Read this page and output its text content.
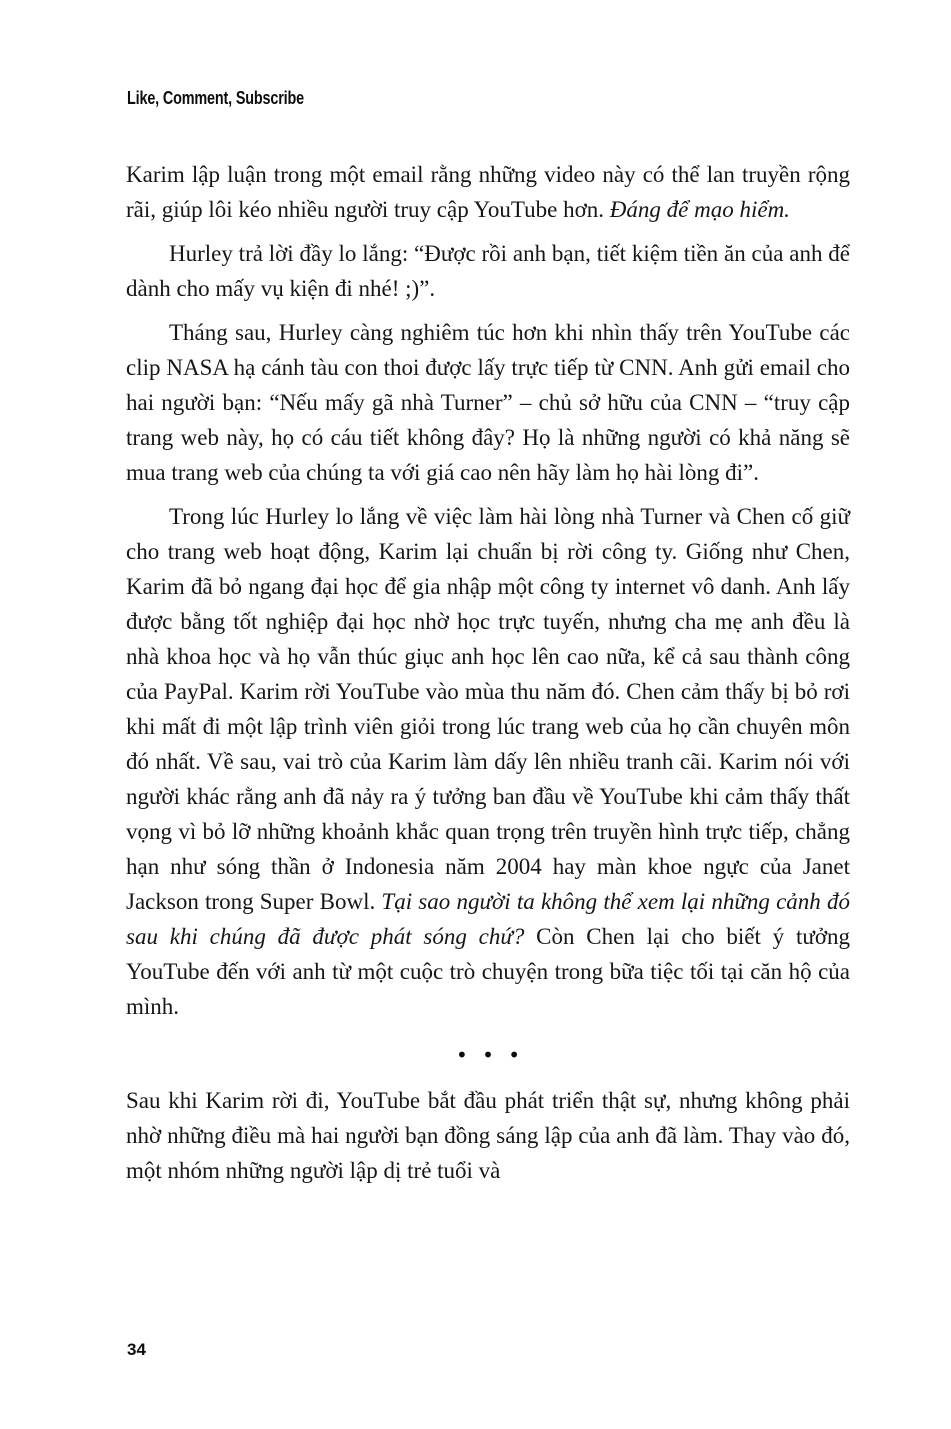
Like, Comment, Subscribe

Karim lập luận trong một email rằng những video này có thể lan truyền rộng rãi, giúp lôi kéo nhiều người truy cập YouTube hơn. Đáng để mạo hiểm.

Hurley trả lời đầy lo lắng: “Được rồi anh bạn, tiết kiệm tiền ăn của anh để dành cho mấy vụ kiện đi nhé! ;)”.

Tháng sau, Hurley càng nghiêm túc hơn khi nhìn thấy trên YouTube các clip NASA hạ cánh tàu con thoi được lấy trực tiếp từ CNN. Anh gửi email cho hai người bạn: “Nếu mấy gã nhà Turner” – chủ sở hữu của CNN – “truy cập trang web này, họ có cáu tiết không đây? Họ là những người có khả năng sẽ mua trang web của chúng ta với giá cao nên hãy làm họ hài lòng đi”.

Trong lúc Hurley lo lắng về việc làm hài lòng nhà Turner và Chen cố giữ cho trang web hoạt động, Karim lại chuẩn bị rời công ty. Giống như Chen, Karim đã bỏ ngang đại học để gia nhập một công ty internet vô danh. Anh lấy được bằng tốt nghiệp đại học nhờ học trực tuyến, nhưng cha mẹ anh đều là nhà khoa học và họ vẫn thúc giục anh học lên cao nữa, kể cả sau thành công của PayPal. Karim rời YouTube vào mùa thu năm đó. Chen cảm thấy bị bỏ rơi khi mất đi một lập trình viên giỏi trong lúc trang web của họ cần chuyên môn đó nhất. Về sau, vai trò của Karim làm dấy lên nhiều tranh cãi. Karim nói với người khác rằng anh đã nảy ra ý tưởng ban đầu về YouTube khi cảm thấy thất vọng vì bỏ lỡ những khoảnh khắc quan trọng trên truyền hình trực tiếp, chẳng hạn như sóng thần ở Indonesia năm 2004 hay màn khoe ngực của Janet Jackson trong Super Bowl. Tại sao người ta không thể xem lại những cảnh đó sau khi chúng đã được phát sóng chứ? Còn Chen lại cho biết ý tưởng YouTube đến với anh từ một cuộc trò chuyện trong bữa tiệc tối tại căn hộ của mình.

• • •

Sau khi Karim rời đi, YouTube bắt đầu phát triển thật sự, nhưng không phải nhờ những điều mà hai người bạn đồng sáng lập của anh đã làm. Thay vào đó, một nhóm những người lập dị trẻ tuổi và

34
